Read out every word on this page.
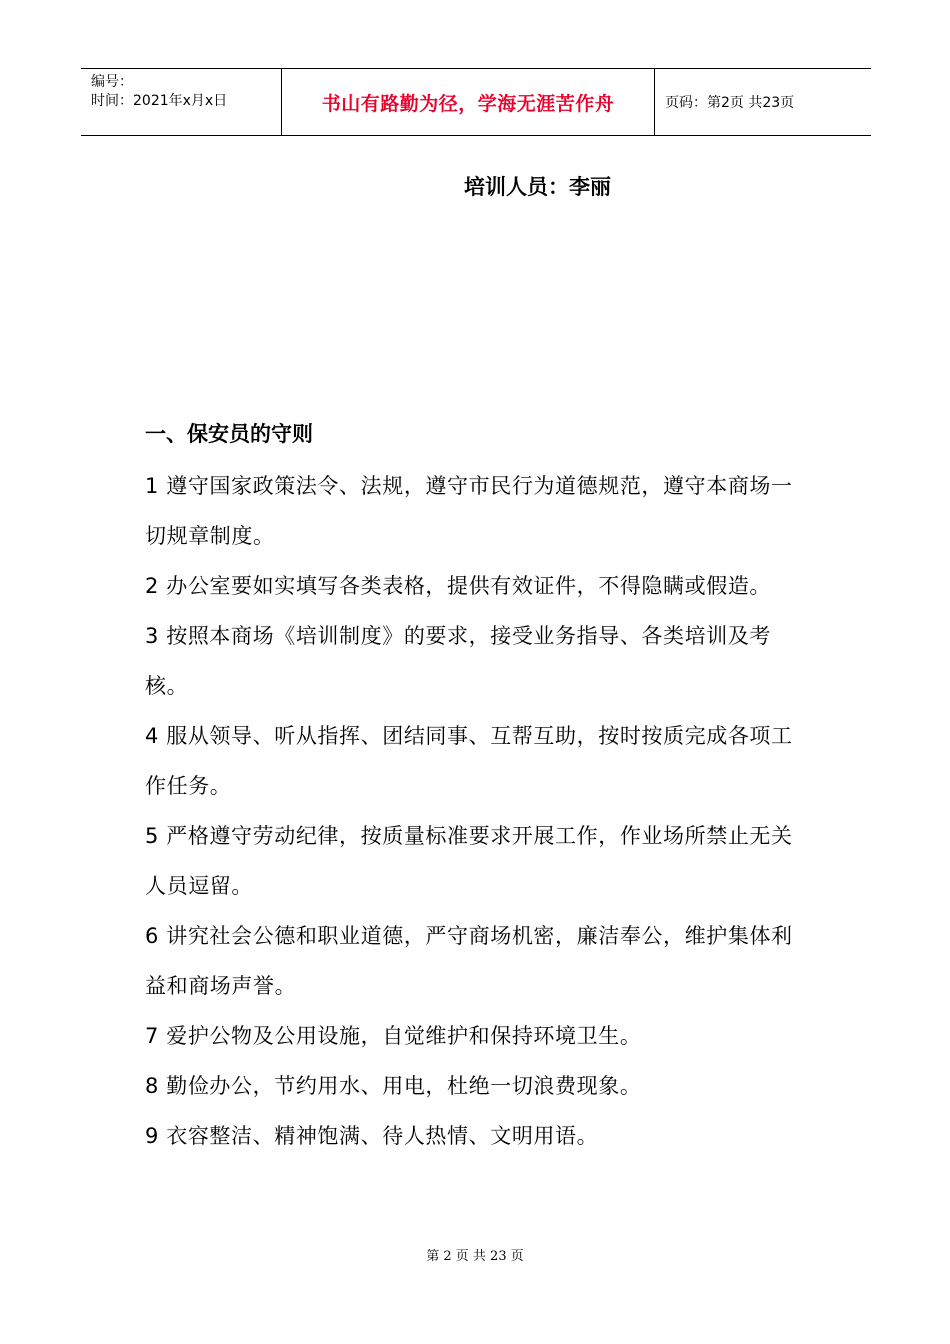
编号：
时间：2021年x月x日	书山有路勤为径，学海无涯苦作舟	页码：第2页 共23页
培训人员：李丽
一、保安员的守则

1 遵守国家政策法令、法规，遵守市民行为道德规范，遵守本商场一切规章制度。

2 办公室要如实填写各类表格，提供有效证件，不得隐瞒或假造。

3 按照本商场《培训制度》的要求，接受业务指导、各类培训及考核。

4 服从领导、听从指挥、团结同事、互帮互助，按时按质完成各项工作任务。

5 严格遵守劳动纪律，按质量标准要求开展工作，作业场所禁止无关人员逗留。

6 讲究社会公德和职业道德，严守商场机密，廉洁奉公，维护集体利益和商场声誉。

7 爱护公物及公用设施，自觉维护和保持环境卫生。

8 勤俭办公，节约用水、用电，杜绝一切浪费现象。

9 衣容整洁、精神饱满、待人热情、文明用语。

第 2 页 共 23 页
